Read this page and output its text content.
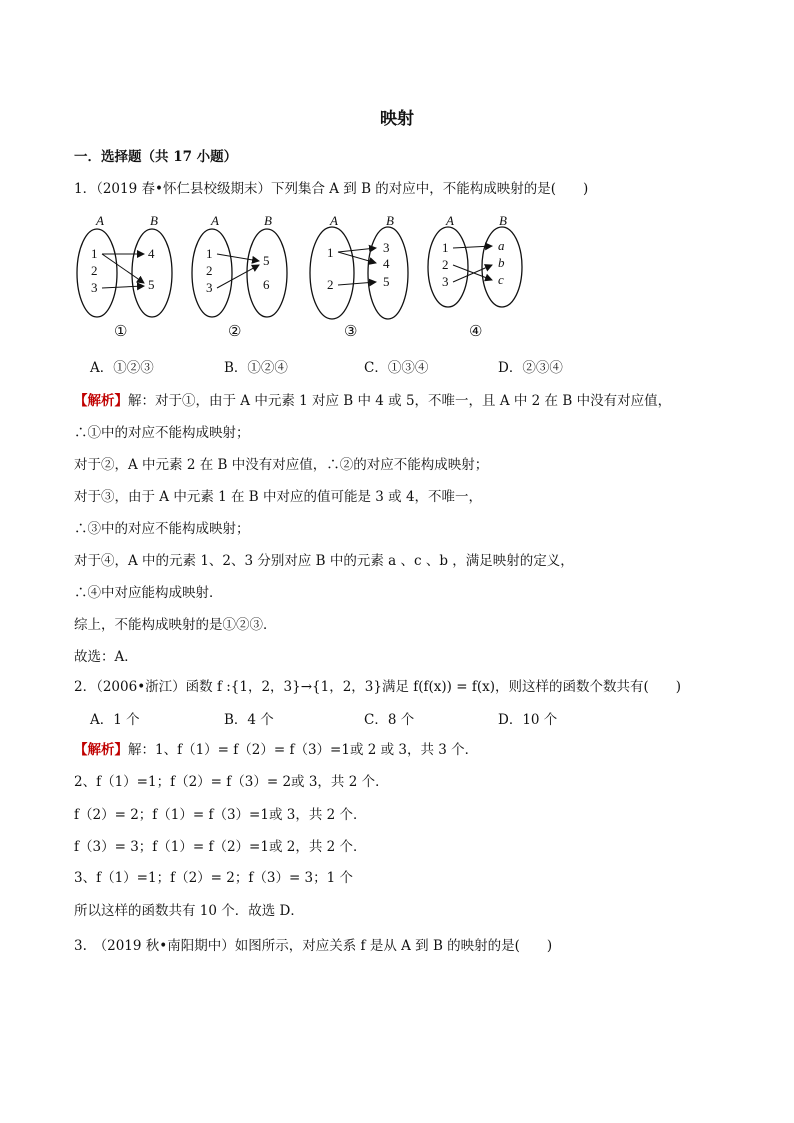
映射
一．选择题（共 17 小题）
1．（2019 春•怀仁县校级期末）下列集合 A 到 B 的对应中，不能构成映射的是(　　)
A	B
1
2
3
4
5
①
A	B
1
2
3
5
6
②
A	B
1
2
3
4
5
③
A	B
1
2
3
a
b
c
④
A．①②③	B．①②④	C．①③④	D．②③④
【解析】解：对于①，由于 A 中元素 1 对应 B 中 4 或 5，不唯一，且 A 中 2 在 B 中没有对应值，
∴①中的对应不能构成映射；
对于②，A 中元素 2 在 B 中没有对应值，∴②的对应不能构成映射；
对于③，由于 A 中元素 1 在 B 中对应的值可能是 3 或 4，不唯一，
∴③中的对应不能构成映射；
对于④，A 中的元素 1、2、3 分别对应 B 中的元素 a 、c 、b ，满足映射的定义，
∴④中对应能构成映射．
综上，不能构成映射的是①②③．
故选：A．
2．（2006•浙江）函数 f :{1，2，3}→{1，2，3}满足 f(f(x)) = f(x)，则这样的函数个数共有(　　)
A．1 个	B．4 个	C．8 个	D．10 个
【解析】解：1、f（1）= f（2）= f（3）=1或 2 或 3，共 3 个．
2、f（1）=1；f（2）= f（3）= 2或 3，共 2 个．
f（2）= 2；f（1）= f（3）=1或 3，共 2 个．
f（3）= 3；f（1）= f（2）=1或 2，共 2 个．
3、f（1）=1；f（2）= 2；f（3）= 3；1 个
所以这样的函数共有 10 个．故选 D．
3.　（2019 秋•南阳期中）如图所示，对应关系 f 是从 A 到 B 的映射的是(　　)
